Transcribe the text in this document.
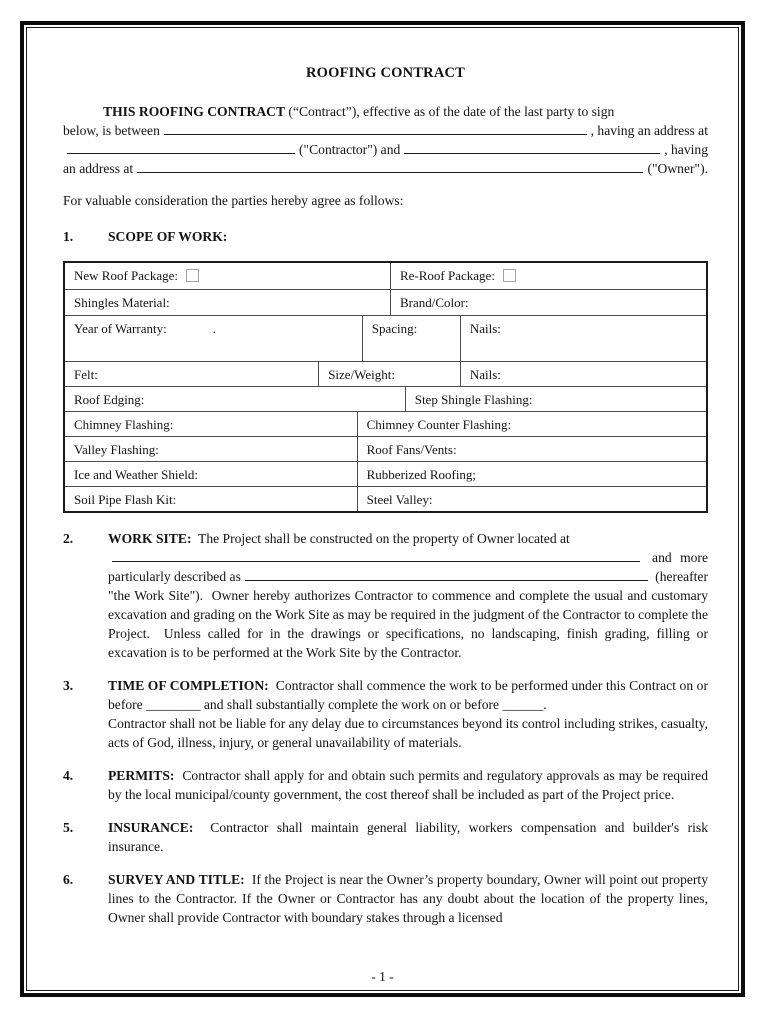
ROOFING CONTRACT
THIS ROOFING CONTRACT (“Contract”), effective as of the date of the last party to sign
below, is between	, having an address at
("Contractor") and	, having
an address at	("Owner").
For valuable consideration the parties hereby agree as follows:
1.	SCOPE OF WORK:
New Roof Package:	Re-Roof Package:
Shingles Material:	Brand/Color:
Year of Warranty:	.	Spacing:	Nails:
Felt:	Size/Weight:	Nails:
Roof Edging:	Step Shingle Flashing:
Chimney Flashing:	Chimney Counter Flashing:
Valley Flashing:	Roof Fans/Vents:
Ice and Weather Shield:	Rubberized Roofing;
Soil Pipe Flash Kit:	Steel Valley:
2.	WORK SITE: The Project shall be constructed on the property of Owner located at
and more
particularly described as	(hereafter
"the Work Site").  Owner hereby authorizes Contractor to commence and complete the usual and customary excavation and grading on the Work Site as may be required in the judgment of the Contractor to complete the Project.  Unless called for in the drawings or specifications, no landscaping, finish grading, filling or excavation is to be performed at the Work Site by the Contractor.
3.	TIME OF COMPLETION:  Contractor shall commence the work to be performed under this Contract on or before ________ and shall substantially complete the work on or before ______.
Contractor shall not be liable for any delay due to circumstances beyond its control including strikes, casualty, acts of God, illness, injury, or general unavailability of materials.
4.	PERMITS:  Contractor shall apply for and obtain such permits and regulatory approvals as may be required by the local municipal/county government, the cost thereof shall be included as part of the Project price.
5.	INSURANCE:  Contractor shall maintain general liability, workers compensation and builder's risk insurance.
6.	SURVEY AND TITLE:  If the Project is near the Owner’s property boundary, Owner will point out property lines to the Contractor. If the Owner or Contractor has any doubt about the location of the property lines, Owner shall provide Contractor with boundary stakes through a licensed
- 1 -
